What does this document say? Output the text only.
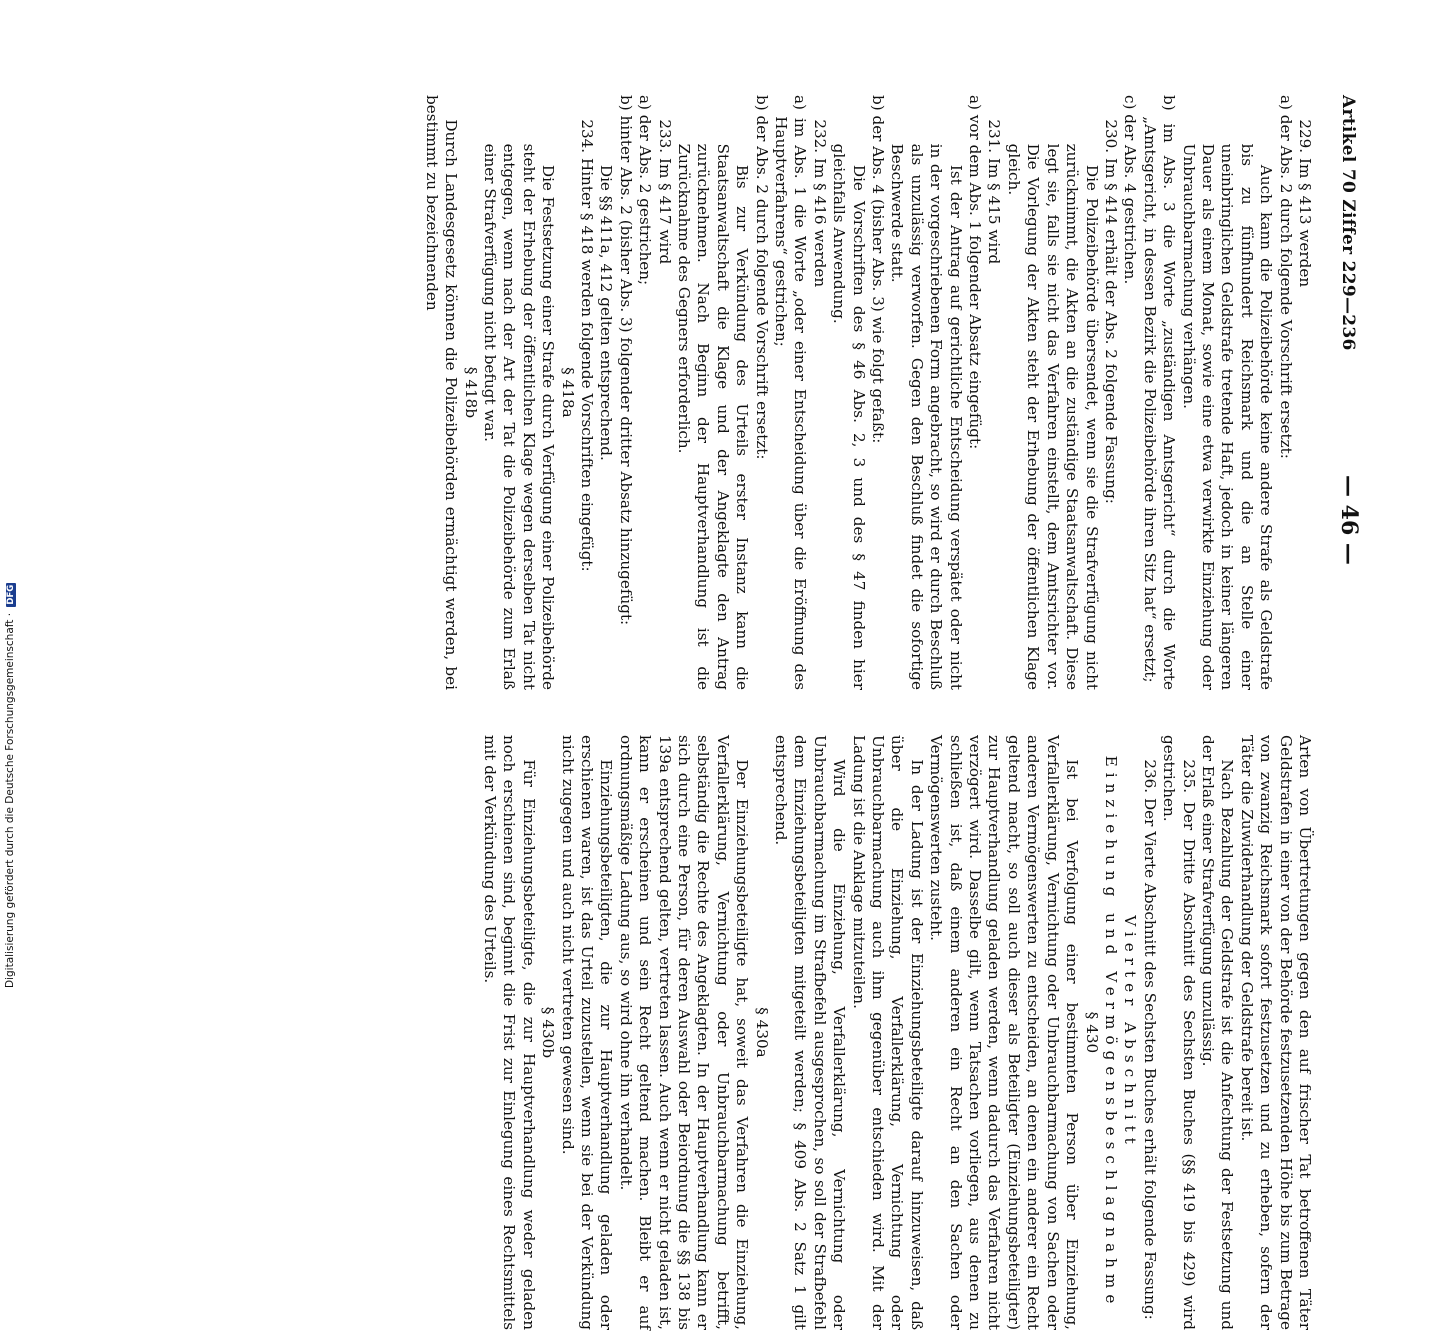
Artikel 70 Ziffer 229—236
— 46 —
229. Im § 413 werden
a) der Abs. 2 durch folgende Vorschrift ersetzt:
Auch kann die Polizeibehörde keine andere Strafe als Geldstrafe bis zu fünfhundert Reichsmark und die an Stelle einer uneinbringlichen Geldstrafe tretende Haft, jedoch in keiner längeren Dauer als einem Monat, sowie eine etwa verwirkte Einziehung oder Unbrauchbarmachung verhängen.
b) im Abs. 3 die Worte „zuständigen Amtsgericht“ durch die Worte „Amtsgericht, in dessen Bezirk die Polizeibehörde ihren Sitz hat“ ersetzt;
c) der Abs. 4 gestrichen.
230. Im § 414 erhält der Abs. 2 folgende Fassung:
Die Polizeibehörde übersendet, wenn sie die Strafverfügung nicht zurücknimmt, die Akten an die zuständige Staatsanwaltschaft. Diese legt sie, falls sie nicht das Verfahren einstellt, dem Amtsrichter vor. Die Vorlegung der Akten steht der Erhebung der öffentlichen Klage gleich.
231. Im § 415 wird
a) vor dem Abs. 1 folgender Absatz eingefügt:
Ist der Antrag auf gerichtliche Entscheidung verspätet oder nicht in der vorgeschriebenen Form angebracht, so wird er durch Beschluß als unzulässig verworfen. Gegen den Beschluß findet die sofortige Beschwerde statt.
b) der Abs. 4 (bisher Abs. 3) wie folgt gefaßt:
Die Vorschriften des § 46 Abs. 2, 3 und des § 47 finden hier gleichfalls Anwendung.
232. Im § 416 werden
a) im Abs. 1 die Worte „oder einer Entscheidung über die Eröffnung des Hauptverfahrens“ gestrichen;
b) der Abs. 2 durch folgende Vorschrift ersetzt:
Bis zur Verkündung des Urteils erster Instanz kann die Staatsanwaltschaft die Klage und der Angeklagte den Antrag zurücknehmen. Nach Beginn der Hauptverhandlung ist die Zurücknahme des Gegners erforderlich.
233. Im § 417 wird
a) der Abs. 2 gestrichen;
b) hinter Abs. 2 (bisher Abs. 3) folgender dritter Absatz hinzugefügt:
Die §§ 411a, 412 gelten entsprechend.
234. Hinter § 418 werden folgende Vorschriften eingefügt:
§ 418a
Die Festsetzung einer Strafe durch Verfügung einer Polizeibehörde steht der Erhebung der öffentlichen Klage wegen derselben Tat nicht entgegen, wenn nach der Art der Tat die Polizeibehörde zum Erlaß einer Strafverfügung nicht befugt war.
§ 418b
Durch Landesgesetz können die Polizeibehörden ermächtigt werden, bei bestimmt zu bezeichnenden
Arten von Übertretungen gegen den auf frischer Tat betroffenen Täter Geldstrafen in einer von der Behörde festzusetzenden Höhe bis zum Betrage von zwanzig Reichsmark sofort festzusetzen und zu erheben, sofern der Täter die Zuwiderhandlung der Geldstrafe bereit ist.
Nach Bezahlung der Geldstrafe ist die Anfechtung der Festsetzung und der Erlaß einer Strafverfügung unzulässig.
235. Der Dritte Abschnitt des Sechsten Buches (§§ 419 bis 429) wird gestrichen.
236. Der Vierte Abschnitt des Sechsten Buches erhält folgende Fassung:
Vierter Abschnitt
Einziehung und Vermögensbeschlagnahme
§ 430
Ist bei Verfolgung einer bestimmten Person über Einziehung, Verfallerklärung, Vernichtung oder Unbrauchbarmachung von Sachen oder anderen Vermögenswerten zu entscheiden, an denen ein anderer ein Recht geltend macht, so soll auch dieser als Beteiligter (Einziehungsbeteiligter) zur Hauptverhandlung geladen werden, wenn dadurch das Verfahren nicht verzögert wird. Dasselbe gilt, wenn Tatsachen vorliegen, aus denen zu schließen ist, daß einem anderen ein Recht an den Sachen oder Vermögenswerten zusteht.
In der Ladung ist der Einziehungsbeteiligte darauf hinzuweisen, daß über die Einziehung, Verfallerklärung, Vernichtung oder Unbrauchbarmachung auch ihm gegenüber entschieden wird. Mit der Ladung ist die Anklage mitzuteilen.
Wird die Einziehung, Verfallerklärung, Vernichtung oder Unbrauchbarmachung im Strafbefehl ausgesprochen, so soll der Strafbefehl dem Einziehungsbeteiligten mitgeteilt werden; § 409 Abs. 2 Satz 1 gilt entsprechend.
§ 430a
Der Einziehungsbeteiligte hat, soweit das Verfahren die Einziehung, Verfallerklärung, Vernichtung oder Unbrauchbarmachung betrifft, selbständig die Rechte des Angeklagten. In der Hauptverhandlung kann er sich durch eine Person, für deren Auswahl oder Beiordnung die §§ 138 bis 139a entsprechend gelten, vertreten lassen. Auch wenn er nicht geladen ist, kann er erscheinen und sein Recht geltend machen. Bleibt er auf ordnungsmäßige Ladung aus, so wird ohne ihn verhandelt.
Einziehungsbeteiligten, die zur Hauptverhandlung geladen oder erschienen waren, ist das Urteil zuzustellen, wenn sie bei der Verkündung nicht zugegen und auch nicht vertreten gewesen sind.
§ 430b
Für Einziehungsbeteiligte, die zur Hauptverhandlung weder geladen noch erschienen sind, beginnt die Frist zur Einlegung eines Rechtsmittels mit der Verkündung des Urteils.
Digitalisierung gefördert durch die Deutsche Forschungsgemeinschaft · DFG
